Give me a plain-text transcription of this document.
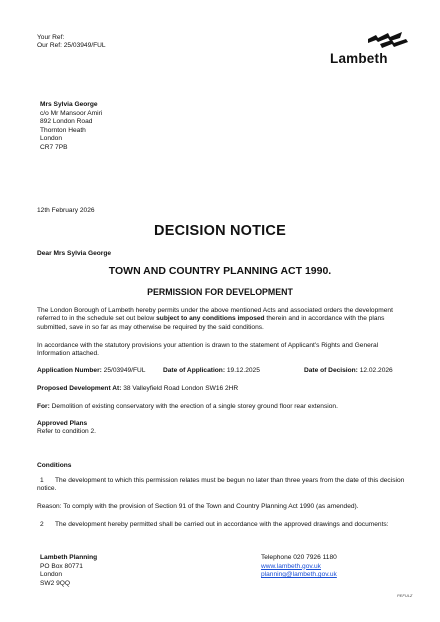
Your Ref:
Our Ref: 25/03949/FUL
Lambeth
Mrs Sylvia George
c/o Mr Mansoor Amiri
892 London Road
Thornton Heath
London
CR7 7PB
12th February 2026
DECISION NOTICE
Dear Mrs Sylvia George
TOWN AND COUNTRY PLANNING ACT 1990.
PERMISSION FOR DEVELOPMENT
The London Borough of Lambeth hereby permits under the above mentioned Acts and associated orders the development referred to in the schedule set out below subject to any conditions imposed therein and in accordance with the plans submitted, save in so far as may otherwise be required by the said conditions.
In accordance with the statutory provisions your attention is drawn to the statement of Applicant’s Rights and General Information attached.
Application Number: 25/03949/FUL	Date of Application: 19.12.2025	Date of Decision: 12.02.2026
Proposed Development At: 38 Valleyfield Road London SW16 2HR
For: Demolition of existing conservatory with the erection of a single storey ground floor rear extension.
Approved Plans
Refer to condition 2.
Conditions
1 The development to which this permission relates must be begun no later than three years from the date of this decision notice.
Reason: To comply with the provision of Section 91 of the Town and Country Planning Act 1990 (as amended).
2 The development hereby permitted shall be carried out in accordance with the approved drawings and documents:
Lambeth Planning
PO Box 80771
London
SW2 9QQ
Telephone 020 7926 1180
www.lambeth.gov.uk
planning@lambeth.gov.uk
PEFULZ
